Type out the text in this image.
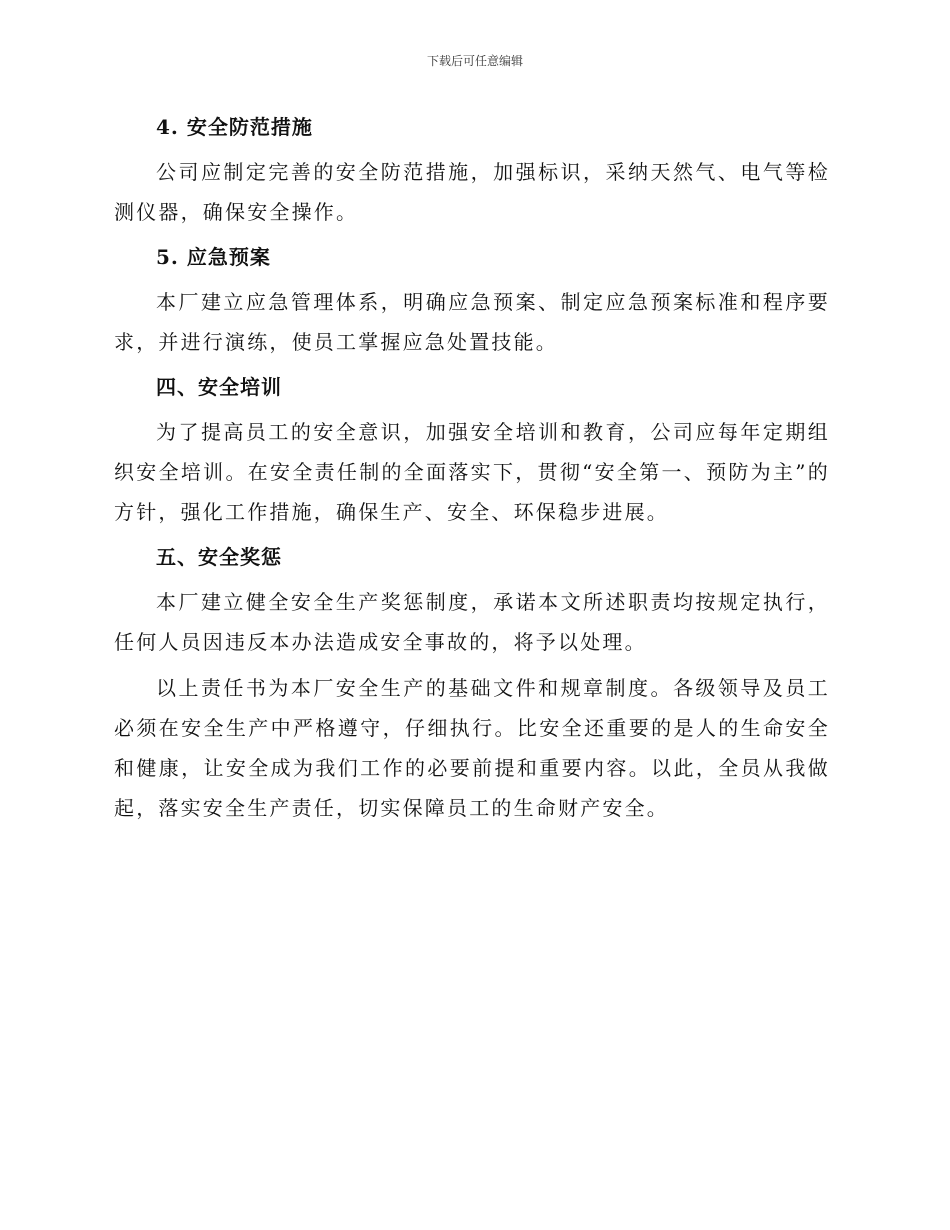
下载后可任意编辑
4. 安全防范措施

公司应制定完善的安全防范措施，加强标识，采纳天然气、电气等检测仪器，确保安全操作。

5. 应急预案

本厂建立应急管理体系，明确应急预案、制定应急预案标准和程序要求，并进行演练，使员工掌握应急处置技能。

四、安全培训

为了提高员工的安全意识，加强安全培训和教育，公司应每年定期组织安全培训。在安全责任制的全面落实下，贯彻“安全第一、预防为主”的方针，强化工作措施，确保生产、安全、环保稳步进展。

五、安全奖惩

本厂建立健全安全生产奖惩制度，承诺本文所述职责均按规定执行，任何人员因违反本办法造成安全事故的，将予以处理。

以上责任书为本厂安全生产的基础文件和规章制度。各级领导及员工必须在安全生产中严格遵守，仔细执行。比安全还重要的是人的生命安全和健康，让安全成为我们工作的必要前提和重要内容。以此，全员从我做起，落实安全生产责任，切实保障员工的生命财产安全。
